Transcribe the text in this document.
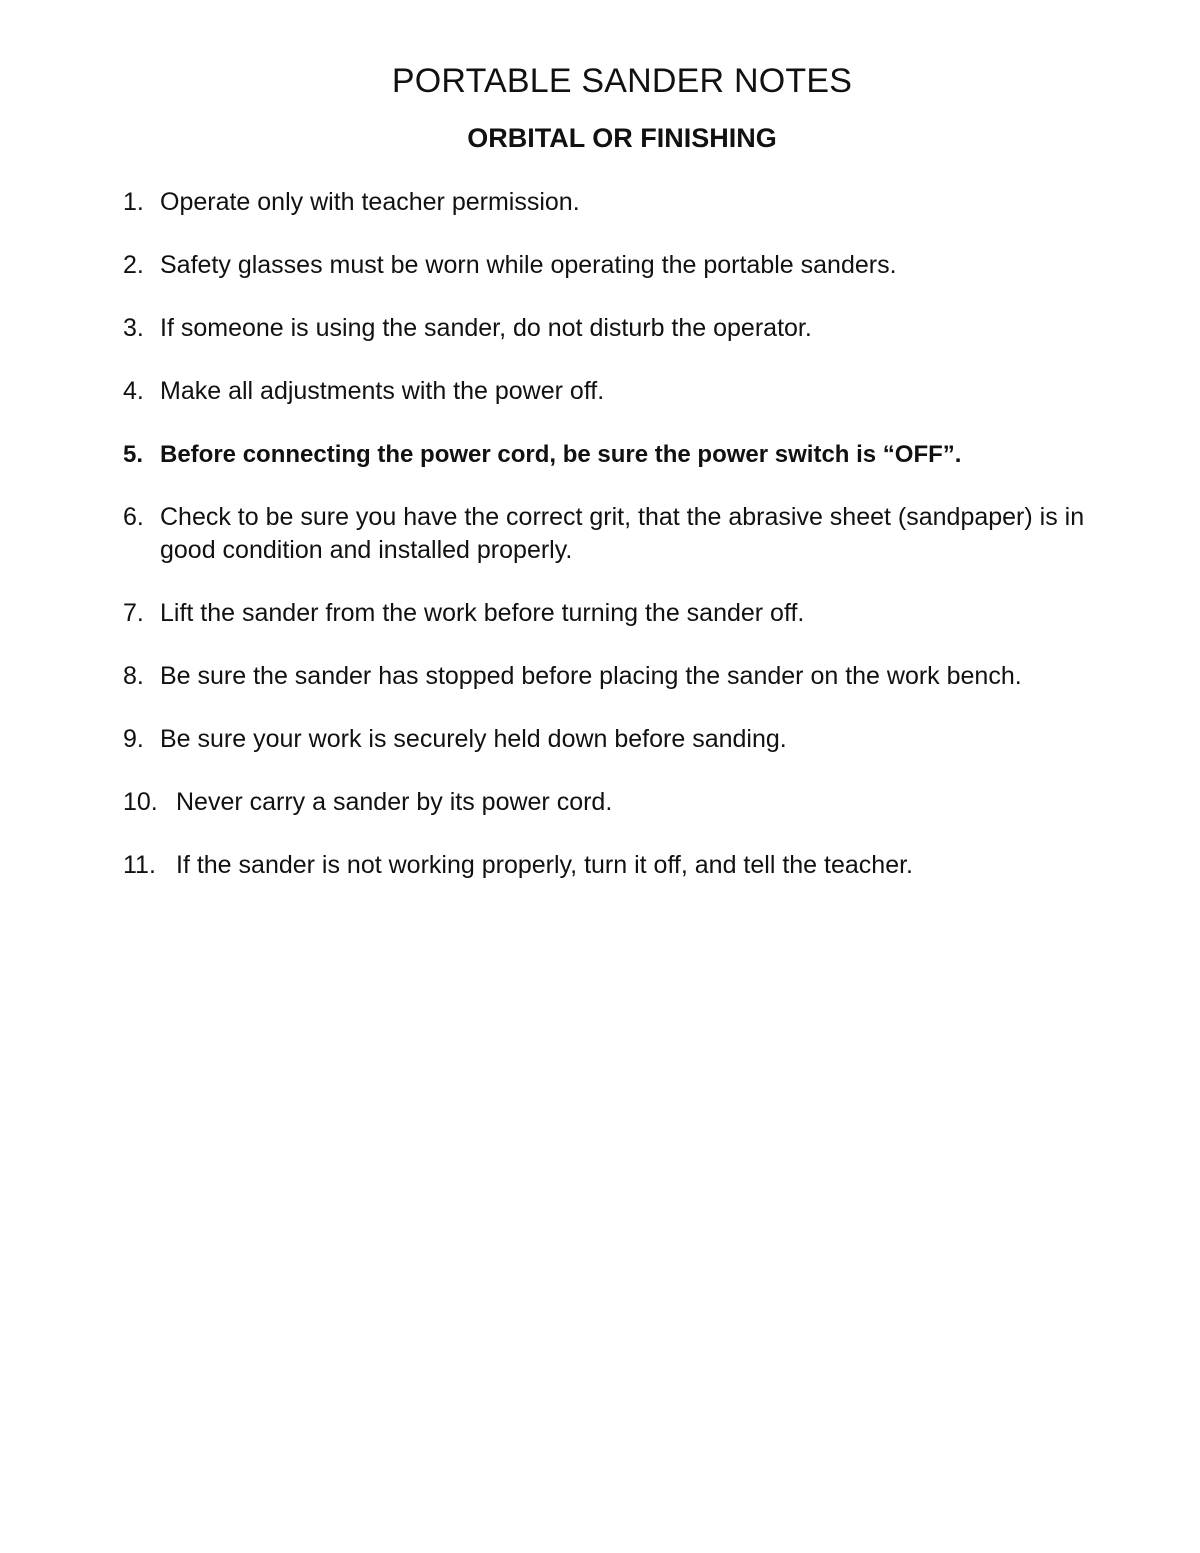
PORTABLE SANDER NOTES
ORBITAL OR FINISHING
1. Operate only with teacher permission.
2. Safety glasses must be worn while operating the portable sanders.
3. If someone is using the sander, do not disturb the operator.
4. Make all adjustments with the power off.
5. Before connecting the power cord, be sure the power switch is “OFF”.
6. Check to be sure you have the correct grit, that the abrasive sheet (sandpaper) is in good condition and installed properly.
7. Lift the sander from the work before turning the sander off.
8. Be sure the sander has stopped before placing the sander on the work bench.
9. Be sure your work is securely held down before sanding.
10. Never carry a sander by its power cord.
11. If the sander is not working properly, turn it off, and tell the teacher.
